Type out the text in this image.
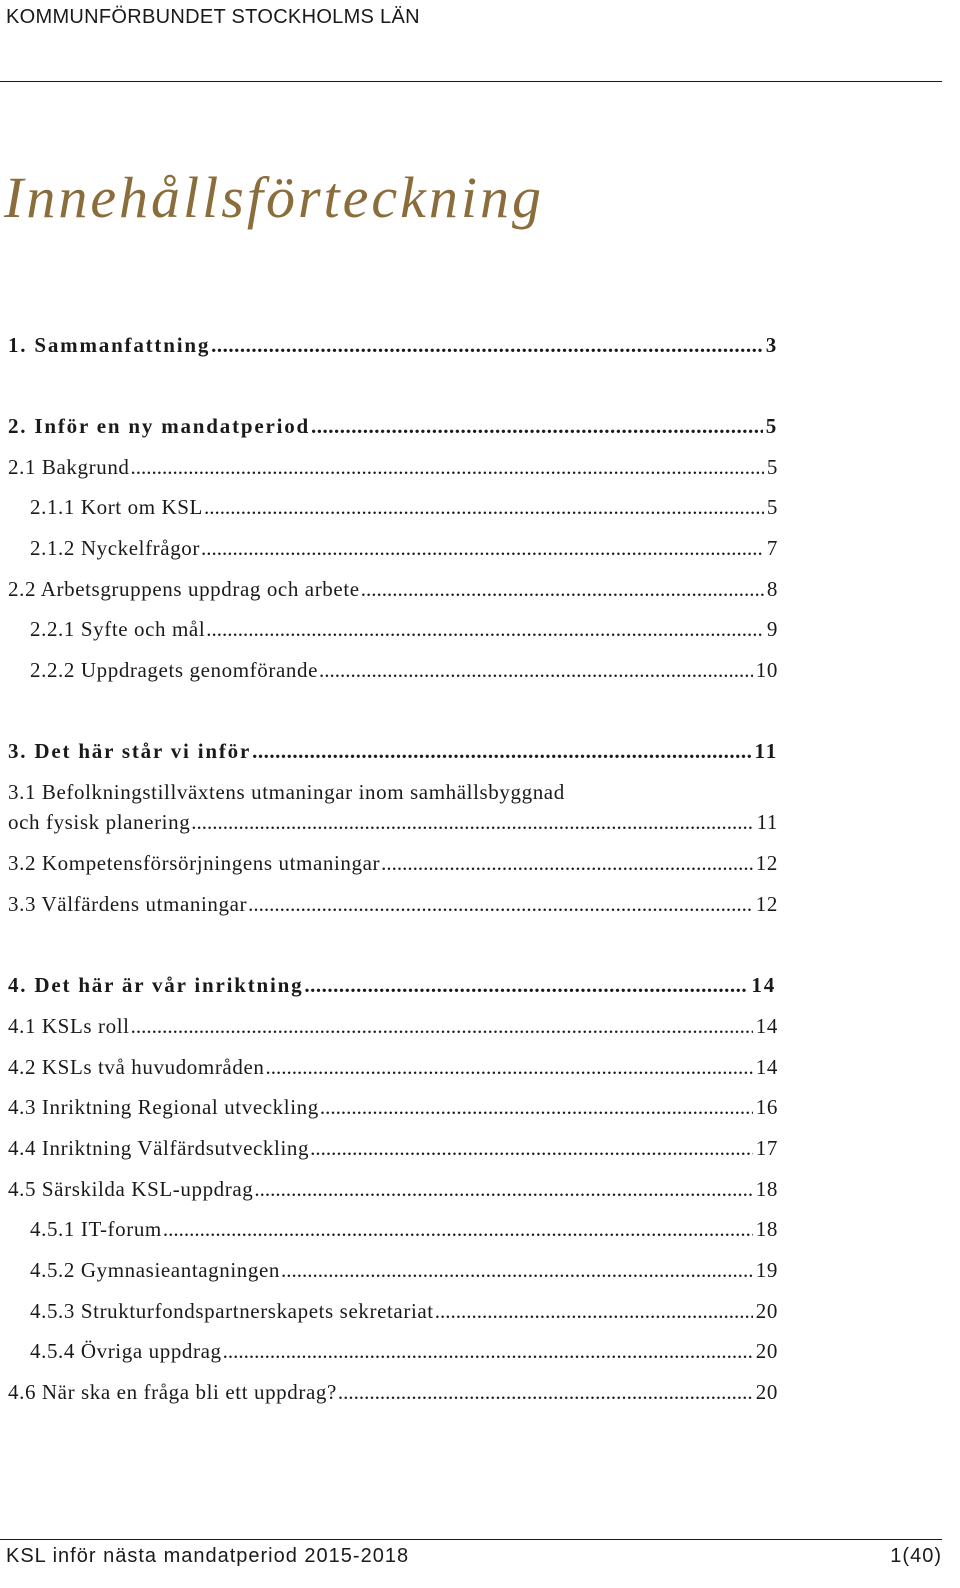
KOMMUNFÖRBUNDET STOCKHOLMS LÄN
Innehållsförteckning
1. Sammanfattning .....	3
2. Inför en ny mandatperiod .....	5
2.1 Bakgrund .....	5
2.1.1 Kort om KSL .....	5
2.1.2 Nyckelfrågor .....	7
2.2 Arbetsgruppens uppdrag och arbete .....	8
2.2.1 Syfte och mål .....	9
2.2.2 Uppdragets genomförande .....	10
3. Det här står vi inför .....	11
3.1 Befolkningstillväxtens utmaningar inom samhällsbyggnad
och fysisk planering .....	11
3.2 Kompetensförsörjningens utmaningar .....	12
3.3 Välfärdens utmaningar .....	12
4. Det här är vår inriktning .....	14
4.1 KSLs roll .....	14
4.2 KSLs två huvudområden .....	14
4.3 Inriktning Regional utveckling .....	16
4.4 Inriktning Välfärdsutveckling .....	17
4.5 Särskilda KSL-uppdrag .....	18
4.5.1 IT-forum .....	18
4.5.2 Gymnasieantagningen .....	19
4.5.3 Strukturfondspartnerskapets sekretariat .....	20
4.5.4 Övriga uppdrag .....	20
4.6 När ska en fråga bli ett uppdrag? .....	20
KSL inför nästa mandatperiod 2015-2018	1(40)
